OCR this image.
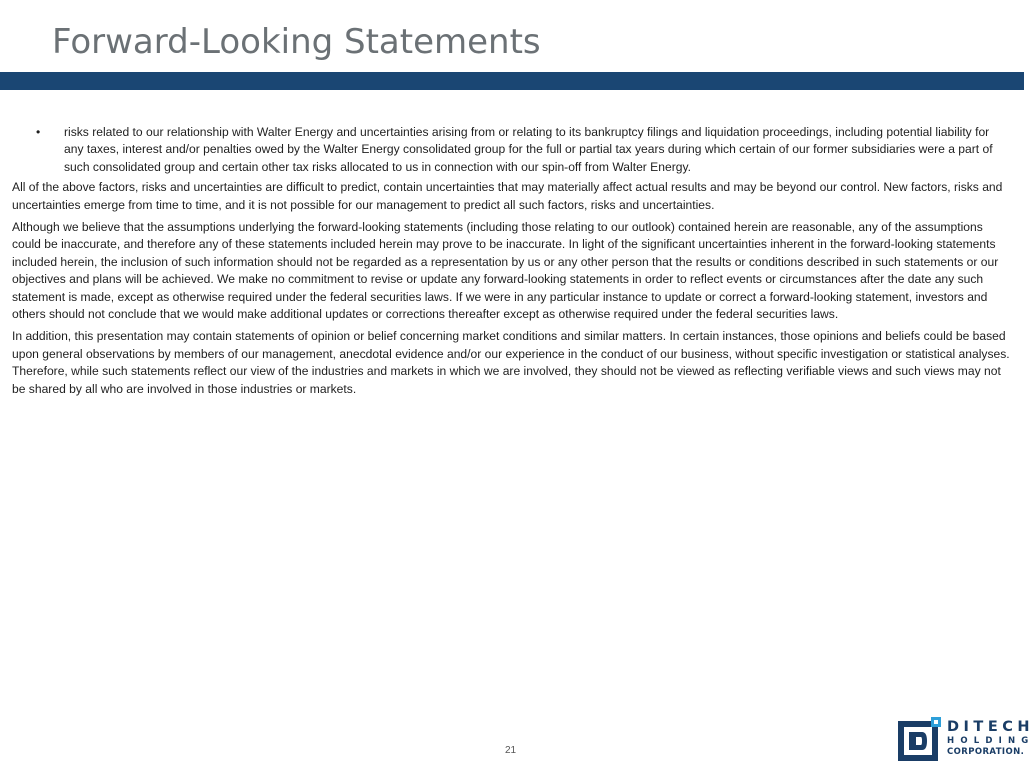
Forward-Looking Statements
• risks related to our relationship with Walter Energy and uncertainties arising from or relating to its bankruptcy filings and liquidation proceedings, including potential liability for any taxes, interest and/or penalties owed by the Walter Energy consolidated group for the full or partial tax years during which certain of our former subsidiaries were a part of such consolidated group and certain other tax risks allocated to us in connection with our spin-off from Walter Energy.

All of the above factors, risks and uncertainties are difficult to predict, contain uncertainties that may materially affect actual results and may be beyond our control. New factors, risks and uncertainties emerge from time to time, and it is not possible for our management to predict all such factors, risks and uncertainties.

Although we believe that the assumptions underlying the forward-looking statements (including those relating to our outlook) contained herein are reasonable, any of the assumptions could be inaccurate, and therefore any of these statements included herein may prove to be inaccurate. In light of the significant uncertainties inherent in the forward-looking statements included herein, the inclusion of such information should not be regarded as a representation by us or any other person that the results or conditions described in such statements or our objectives and plans will be achieved. We make no commitment to revise or update any forward-looking statements in order to reflect events or circumstances after the date any such statement is made, except as otherwise required under the federal securities laws. If we were in any particular instance to update or correct a forward-looking statement, investors and others should not conclude that we would make additional updates or corrections thereafter except as otherwise required under the federal securities laws.

In addition, this presentation may contain statements of opinion or belief concerning market conditions and similar matters. In certain instances, those opinions and beliefs could be based upon general observations by members of our management, anecdotal evidence and/or our experience in the conduct of our business, without specific investigation or statistical analyses. Therefore, while such statements reflect our view of the industries and markets in which we are involved, they should not be viewed as reflecting verifiable views and such views may not be shared by all who are involved in those industries or markets.

21
DITECH
HOLDING
CORPORATION.
